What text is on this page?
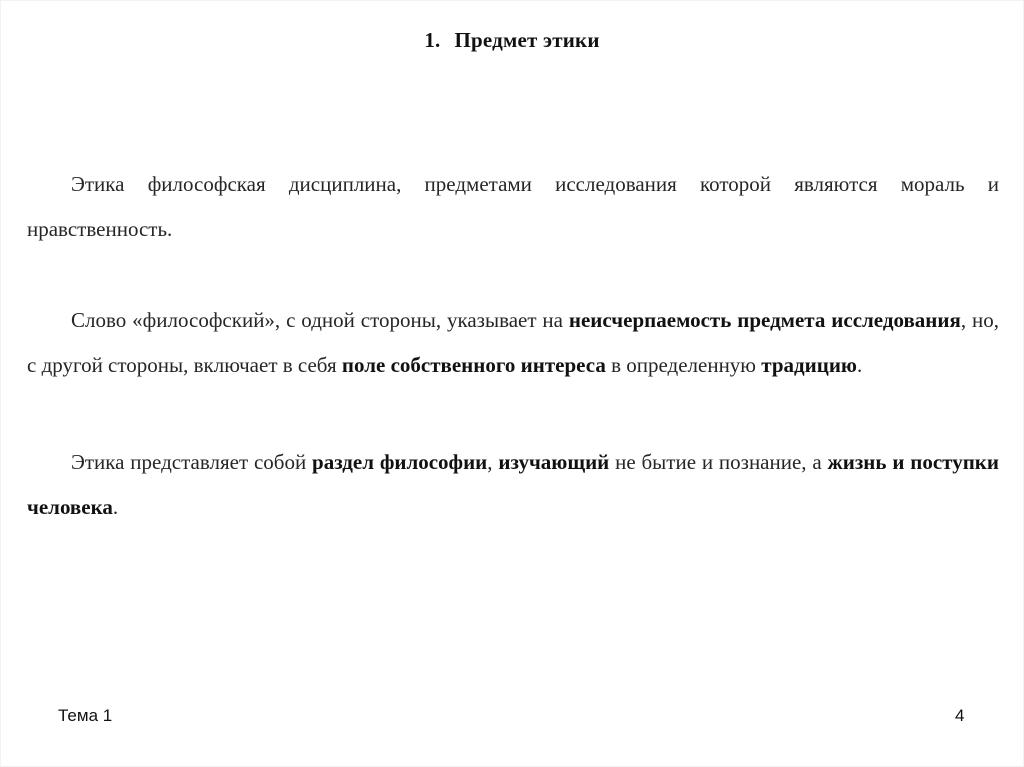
1. Предмет этики

Этика философская дисциплина, предметами исследования которой являются мораль и нравственность.

Слово «философский», с одной стороны, указывает на неисчерпаемость предмета исследования, но, с другой стороны, включает в себя поле собственного интереса в определенную традицию.

Этика представляет собой раздел философии, изучающий не бытие и познание, а жизнь и поступки человека.

Тема 1	4
